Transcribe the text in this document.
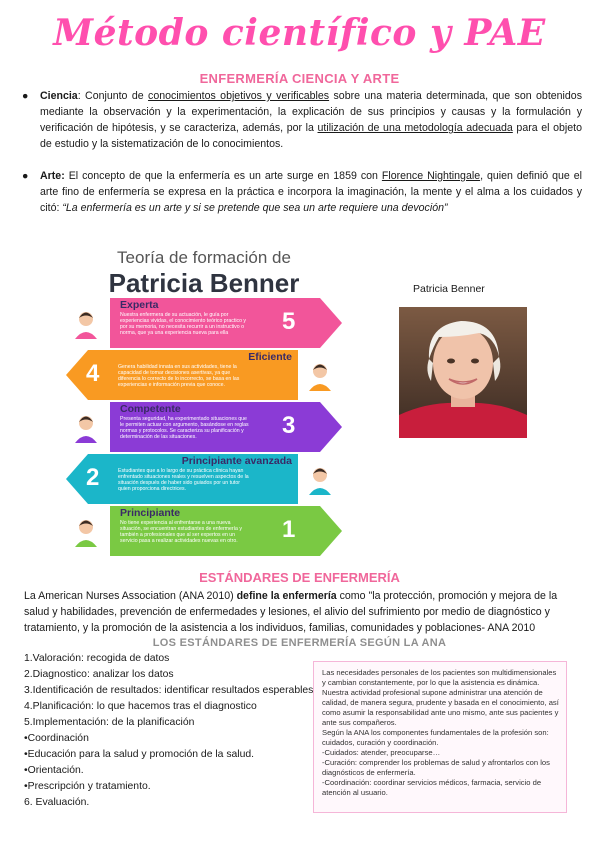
Método científico y PAE
ENFERMERÍA CIENCIA Y ARTE
● Ciencia: Conjunto de conocimientos objetivos y verificables sobre una materia determinada, que son obtenidos mediante la observación y la experimentación, la explicación de sus principios y causas y la formulación y verificación de hipótesis, y se caracteriza, además, por la utilización de una metodología adecuada para el objeto de estudio y la sistematización de lo conocimientos.
● Arte: El concepto de que la enfermería es un arte surge en 1859 con Florence Nightingale, quien definió que el arte fino de enfermería se expresa en la práctica e incorpora la imaginación, la mente y el alma a los cuidados y citó: “La enfermería es un arte y si se pretende que sea un arte requiere una devoción”
Teoría de formación de
Patricia Benner
Experta
Nuestra enfermera de su actuación, le guía por experiencias vividas, el conocimiento teórico practico y por su memoria, no necesita recurrir a un instructivo o norma, que ya una experiencia nueva para ella	5
Eficiente
Genera habilidad innata en sus actividades, tiene la capacidad de tomar decisiones asertivas, ya que diferencia lo correcto de lo incorrecto, se basa en las experiencias e información previa que conoce.
4
Competente
Presenta seguridad, ha experimentado situaciones que le permiten actuar con argumento, basándose en reglas normas y protocolos. Se caracteriza su planificación y determinación de las situaciones.	3
Principiante avanzada
Estudiantes que a lo largo de su práctica clínica hayan enfrentado situaciones reales y resuelven aspectos de la situación después de haber sido guiados por un tutor quien proporciona directrices.
2
Principiante
No tiene experiencia al enfrentarse a una nueva situación, se encuentran estudiantes de enfermería y también a profesionales que al ser expertos en un servicio pasa a realizar actividades nuevas en otro.	1
Patricia Benner
ESTÁNDARES DE ENFERMERÍA
La American Nurses Association (ANA 2010) define la enfermería como "la protección, promoción y mejora de la salud y habilidades, prevención de enfermedades y lesiones, el alivio del sufrimiento por medio de diagnóstico y tratamiento, y la promoción de la asistencia a los individuos, familias, comunidades y poblaciones- ANA 2010
LOS ESTÁNDARES DE ENFERMERÍA SEGÚN LA ANA
1.Valoración: recogida de datos
2.Diagnostico: analizar los datos
3.Identificación de resultados: identificar resultados esperables
4.Planificación: lo que hacemos tras el diagnostico
5.Implementación: de la planificación
•Coordinación
•Educación para la salud y promoción de la salud.
•Orientación.
•Prescripción y tratamiento.
6. Evaluación.
Las necesidades personales de los pacientes son multidimensionales y cambian constantemente, por lo que la asistencia es dinámica.
Nuestra actividad profesional supone administrar una atención de calidad, de manera segura, prudente y basada en el conocimiento, así como asumir la responsabilidad ante uno mismo, ante sus pacientes y ante sus compañeros.
Según la ANA los componentes fundamentales de la profesión son: cuidados, curación y coordinación.
-Cuidados: atender, preocuparse…
-Curación: comprender los problemas de salud y afrontarlos con los diagnósticos de enfermería.
-Coordinación: coordinar servicios médicos, farmacia, servicio de atención al usuario.
